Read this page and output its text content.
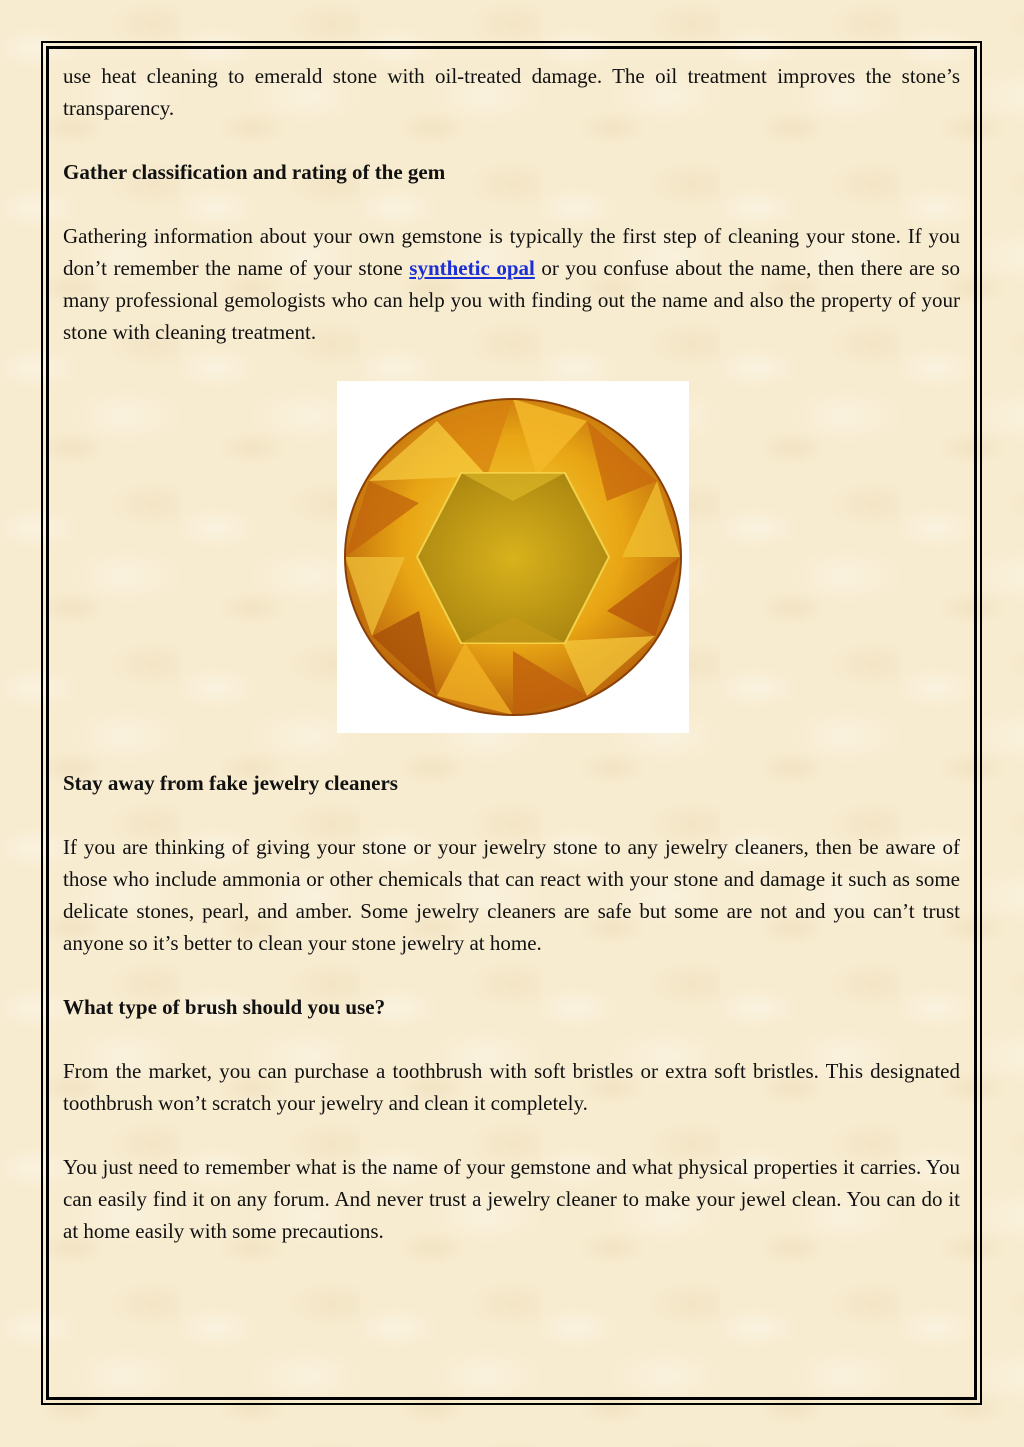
use heat cleaning to emerald stone with oil-treated damage. The oil treatment improves the stone’s transparency.

Gather classification and rating of the gem

Gathering information about your own gemstone is typically the first step of cleaning your stone. If you don’t remember the name of your stone synthetic opal or you confuse about the name, then there are so many professional gemologists who can help you with finding out the name and also the property of your stone with cleaning treatment.

Stay away from fake jewelry cleaners

If you are thinking of giving your stone or your jewelry stone to any jewelry cleaners, then be aware of those who include ammonia or other chemicals that can react with your stone and damage it such as some delicate stones, pearl, and amber. Some jewelry cleaners are safe but some are not and you can’t trust anyone so it’s better to clean your stone jewelry at home.

What type of brush should you use?

From the market, you can purchase a toothbrush with soft bristles or extra soft bristles. This designated toothbrush won’t scratch your jewelry and clean it completely.

You just need to remember what is the name of your gemstone and what physical properties it carries. You can easily find it on any forum. And never trust a jewelry cleaner to make your jewel clean. You can do it at home easily with some precautions.
